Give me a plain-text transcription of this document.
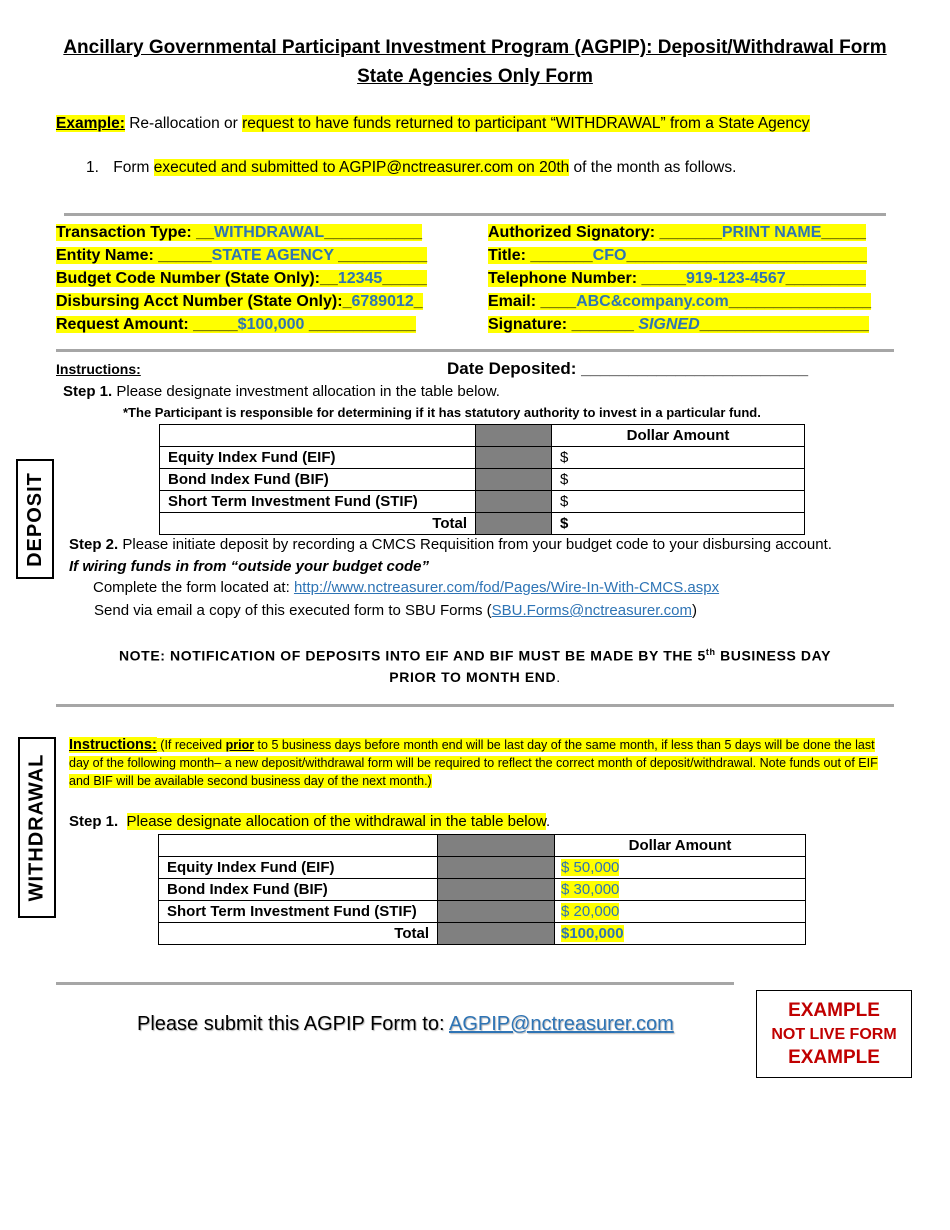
Ancillary Governmental Participant Investment Program (AGPIP): Deposit/Withdrawal Form
State Agencies Only Form
Example: Re-allocation or request to have funds returned to participant “WITHDRAWAL” from a State Agency
1. Form executed and submitted to AGPIP@nctreasurer.com on 20th of the month as follows.
Transaction Type: __WITHDRAWAL___________
Entity Name: ______STATE AGENCY __________
Budget Code Number (State Only):__12345_____
Disbursing Acct Number (State Only):_6789012_
Request Amount: _____$100,000 ____________
Authorized Signatory: _______PRINT NAME_____
Title: _______CFO___________________________
Telephone Number: _____919-123-4567_________
Email: ____ABC&company.com________________
Signature: _______ SIGNED___________________
DEPOSIT
Instructions:	Date Deposited: ________________________
Step 1. Please designate investment allocation in the table below.
*The Participant is responsible for determining if it has statutory authority to invest in a particular fund.
		Dollar Amount
Equity Index Fund (EIF)		$
Bond Index Fund (BIF)		$
Short Term Investment Fund (STIF)		$
Total		$
Step 2. Please initiate deposit by recording a CMCS Requisition from your budget code to your disbursing account.
If wiring funds in from “outside your budget code”
Complete the form located at: http://www.nctreasurer.com/fod/Pages/Wire-In-With-CMCS.aspx
Send via email a copy of this executed form to SBU Forms (SBU.Forms@nctreasurer.com)
NOTE: NOTIFICATION OF DEPOSITS INTO EIF AND BIF MUST BE MADE BY THE 5th BUSINESS DAY
PRIOR TO MONTH END.
WITHDRAWAL
Instructions: (If received prior to 5 business days before month end will be last day of the same month, if less than 5 days will be done the last day of the following month– a new deposit/withdrawal form will be required to reflect the correct month of deposit/withdrawal. Note funds out of EIF and BIF will be available second business day of the next month.)
Step 1. Please designate allocation of the withdrawal in the table below.
		Dollar Amount
Equity Index Fund (EIF)		$ 50,000
Bond Index Fund (BIF)		$ 30,000
Short Term Investment Fund (STIF)		$ 20,000
Total		$100,000
Please submit this AGPIP Form to: AGPIP@nctreasurer.com
EXAMPLE
NOT LIVE FORM
EXAMPLE
